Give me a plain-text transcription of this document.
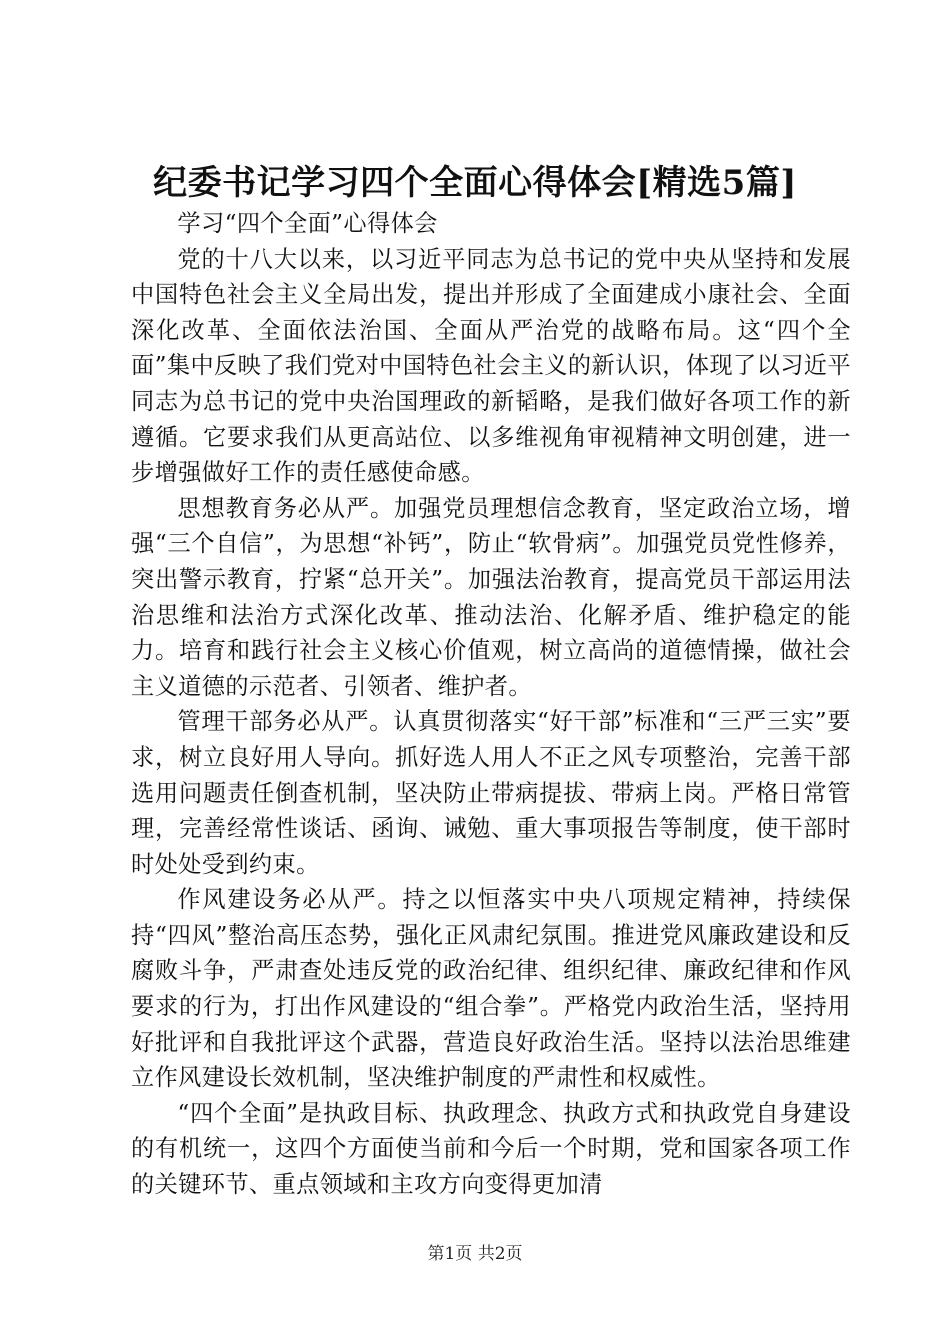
纪委书记学习四个全面心得体会[精选5篇]

学习“四个全面”心得体会

党的十八大以来，以习近平同志为总书记的党中央从坚持和发展中国特色社会主义全局出发，提出并形成了全面建成小康社会、全面深化改革、全面依法治国、全面从严治党的战略布局。这“四个全面”集中反映了我们党对中国特色社会主义的新认识，体现了以习近平同志为总书记的党中央治国理政的新韬略，是我们做好各项工作的新遵循。它要求我们从更高站位、以多维视角审视精神文明创建，进一步增强做好工作的责任感使命感。

思想教育务必从严。加强党员理想信念教育，坚定政治立场，增强“三个自信”，为思想“补钙”，防止“软骨病”。加强党员党性修养，突出警示教育，拧紧“总开关”。加强法治教育，提高党员干部运用法治思维和法治方式深化改革、推动法治、化解矛盾、维护稳定的能力。培育和践行社会主义核心价值观，树立高尚的道德情操，做社会主义道德的示范者、引领者、维护者。

管理干部务必从严。认真贯彻落实“好干部”标准和“三严三实”要求，树立良好用人导向。抓好选人用人不正之风专项整治，完善干部选用问题责任倒查机制，坚决防止带病提拔、带病上岗。严格日常管理，完善经常性谈话、函询、诫勉、重大事项报告等制度，使干部时时处处受到约束。

作风建设务必从严。持之以恒落实中央八项规定精神，持续保持“四风”整治高压态势，强化正风肃纪氛围。推进党风廉政建设和反腐败斗争，严肃查处违反党的政治纪律、组织纪律、廉政纪律和作风要求的行为，打出作风建设的“组合拳”。严格党内政治生活，坚持用好批评和自我批评这个武器，营造良好政治生活。坚持以法治思维建立作风建设长效机制，坚决维护制度的严肃性和权威性。

“四个全面”是执政目标、执政理念、执政方式和执政党自身建设的有机统一，这四个方面使当前和今后一个时期，党和国家各项工作的关键环节、重点领域和主攻方向变得更加清

第1页 共2页
